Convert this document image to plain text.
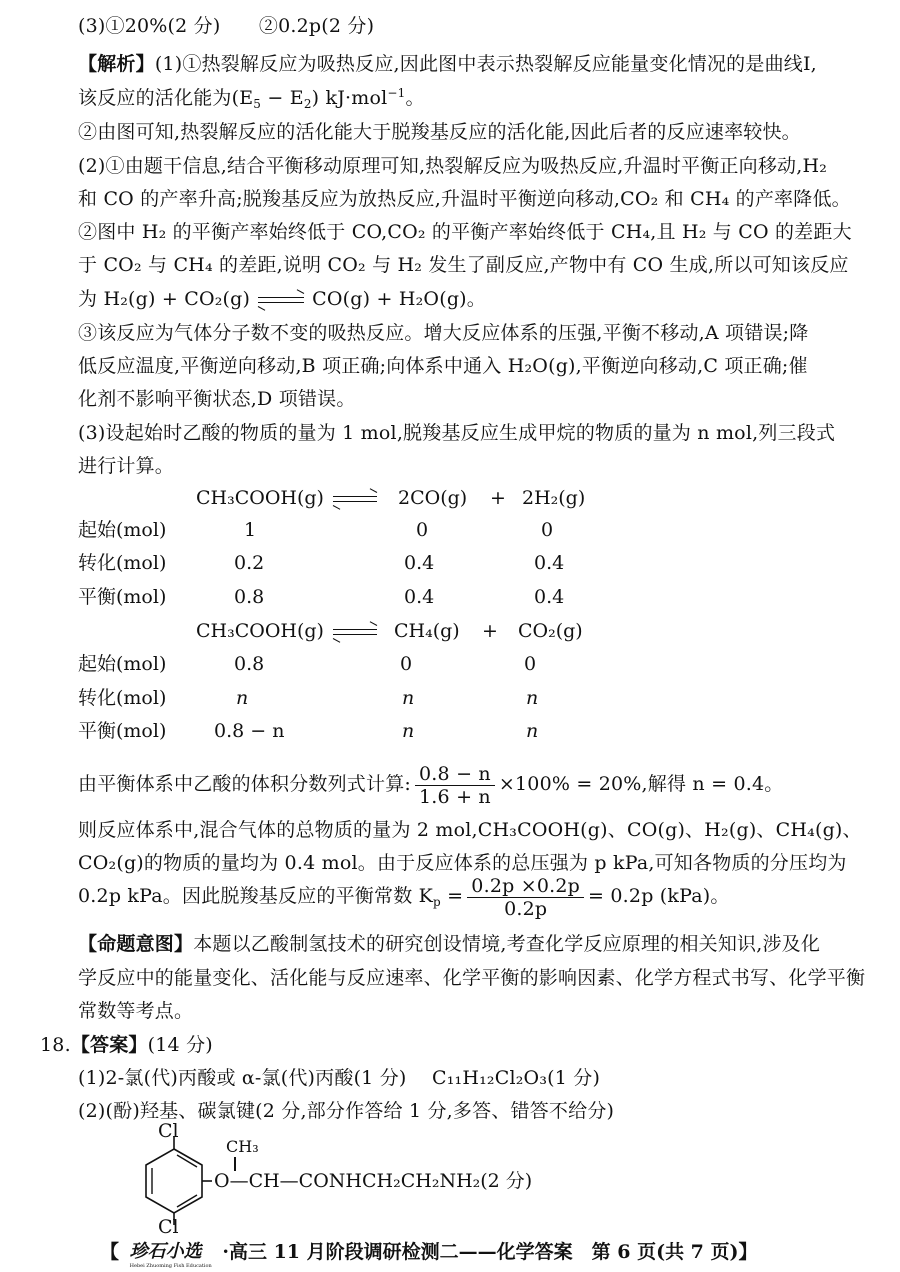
(3)①20%(2 分)　　②0.2p(2 分)
【解析】(1)①热裂解反应为吸热反应,因此图中表示热裂解反应能量变化情况的是曲线Ⅰ,
该反应的活化能为$(E_5 - E_2)$ kJ·mol$^{-1}$。
②由图可知,热裂解反应的活化能大于脱羧基反应的活化能,因此后者的反应速率较快。
(2)①由题干信息,结合平衡移动原理可知,热裂解反应为吸热反应,升温时平衡正向移动,H₂
和 CO 的产率升高;脱羧基反应为放热反应,升温时平衡逆向移动,CO₂ 和 CH₄ 的产率降低。
②图中 H₂ 的平衡产率始终低于 CO,CO₂ 的平衡产率始终低于 CH₄,且 H₂ 与 CO 的差距大
于 CO₂ 与 CH₄ 的差距,说明 CO₂ 与 H₂ 发生了副反应,产物中有 CO 生成,所以可知该反应
为 H₂(g) + CO₂(g)	CO(g) + H₂O(g)。
③该反应为气体分子数不变的吸热反应。增大反应体系的压强,平衡不移动,A 项错误;降
低反应温度,平衡逆向移动,B 项正确;向体系中通入 H₂O(g),平衡逆向移动,C 项正确;催
化剂不影响平衡状态,D 项错误。
(3)设起始时乙酸的物质的量为 1 mol,脱羧基反应生成甲烷的物质的量为 n mol,列三段式
进行计算。
CH₃COOH(g)	2CO(g) + 2H₂(g)
起始(mol)	1	0	0
转化(mol)	0.2	0.4	0.4
平衡(mol)	0.8	0.4	0.4
CH₃COOH(g)	CH₄(g) + CO₂(g)
起始(mol)	0.8	0	0
转化(mol)	n	n	n
平衡(mol)	0.8 − n	n	n
由平衡体系中乙酸的体积分数列式计算: $\frac{0.8 - n}{1.6 + n} \times 100\% = 20\%$,解得 n = 0.4。
则反应体系中,混合气体的总物质的量为 2 mol,CH₃COOH(g)、CO(g)、H₂(g)、CH₄(g)、
CO₂(g)的物质的量均为 0.4 mol。由于反应体系的总压强为 p kPa,可知各物质的分压均为
0.2p kPa。因此脱羧基反应的平衡常数 $K_p = \frac{0.2p \times 0.2p}{0.2p} = 0.2p$ (kPa)。
【命题意图】本题以乙酸制氢技术的研究创设情境,考查化学反应原理的相关知识,涉及化
学反应中的能量变化、活化能与反应速率、化学平衡的影响因素、化学方程式书写、化学平衡
常数等考点。
18.【答案】(14 分)
(1)2-氯(代)丙酸或 α-氯(代)丙酸(1 分)　 C₁₁H₁₂Cl₂O₃(1 分)
(2)(酚)羟基、碳氯键(2 分,部分作答给 1 分,多答、错答不给分)
Cl
Cl
CH₃
O—CH—CONHCH₂CH₂NH₂(2 分)
【 珍石小选
Hebei Zhuoming Fish Education
·高三 11 月阶段调研检测二——化学答案　第 6 页(共 7 页)】
